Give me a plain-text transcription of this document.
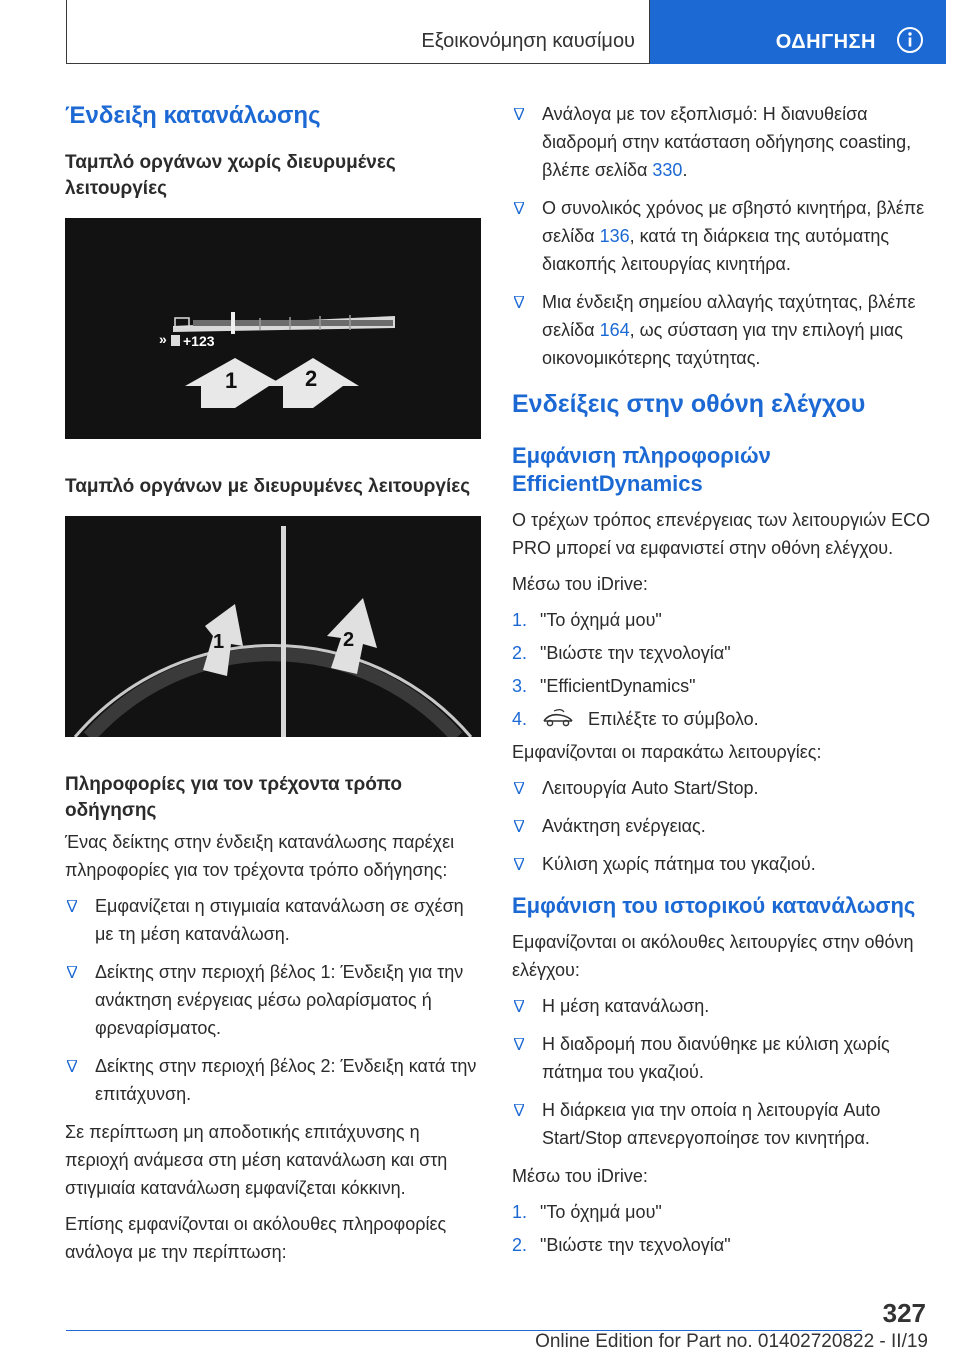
Εξοικονόμηση καυσίμου	ΟΔΗΓΗΣΗ
Ένδειξη κατανάλωσης
Ταμπλό οργάνων χωρίς διευρυμένες λειτουργίες
» +123
1	2
Ταμπλό οργάνων με διευρυμένες λειτουργίες
1	2
Πληροφορίες για τον τρέχοντα τρόπο οδήγησης

Ένας δείκτης στην ένδειξη κατανάλωσης παρέχει πληροφορίες για τον τρέχοντα τρόπο οδήγησης:

Εμφανίζεται η στιγμιαία κατανάλωση σε σχέση με τη μέση κατανάλωση.
Δείκτης στην περιοχή βέλος 1: Ένδειξη για την ανάκτηση ενέργειας μέσω ρολαρίσματος ή φρεναρίσματος.
Δείκτης στην περιοχή βέλος 2: Ένδειξη κατά την επιτάχυνση.

Σε περίπτωση μη αποδοτικής επιτάχυνσης η περιοχή ανάμεσα στη μέση κατανάλωση και στη στιγμιαία κατανάλωση εμφανίζεται κόκκινη.

Επίσης εμφανίζονται οι ακόλουθες πληροφορίες ανάλογα με την περίπτωση:

Ανάλογα με τον εξοπλισμό: Η διανυθείσα διαδρομή στην κατάσταση οδήγησης coasting, βλέπε σελίδα 330.
Ο συνολικός χρόνος με σβηστό κινητήρα, βλέπε σελίδα 136, κατά τη διάρκεια της αυτόματης διακοπής λειτουργίας κινητήρα.
Μια ένδειξη σημείου αλλαγής ταχύτητας, βλέπε σελίδα 164, ως σύσταση για την επιλογή μιας οικονομικότερης ταχύτητας.
Ενδείξεις στην οθόνη ελέγχου
Εμφάνιση πληροφοριών EfficientDynamics

Ο τρέχων τρόπος επενέργειας των λειτουργιών ECO PRO μπορεί να εμφανιστεί στην οθόνη ελέγχου.

Μέσω του iDrive:

1. "Το όχημά μου"
2. "Βιώστε την τεχνολογία"
3. "EfficientDynamics"
4.	Επιλέξτε το σύμβολο.

Εμφανίζονται οι παρακάτω λειτουργίες:

Λειτουργία Auto Start/Stop.
Ανάκτηση ενέργειας.
Κύλιση χωρίς πάτημα του γκαζιού.
Εμφάνιση του ιστορικού κατανάλωσης

Εμφανίζονται οι ακόλουθες λειτουργίες στην οθόνη ελέγχου:

Η μέση κατανάλωση.
Η διαδρομή που διανύθηκε με κύλιση χωρίς πάτημα του γκαζιού.
Η διάρκεια για την οποία η λειτουργία Auto Start/Stop απενεργοποίησε τον κινητήρα.

Μέσω του iDrive:

1. "Το όχημά μου"
2. "Βιώστε την τεχνολογία"
327
Online Edition for Part no. 01402720822 - II/19
